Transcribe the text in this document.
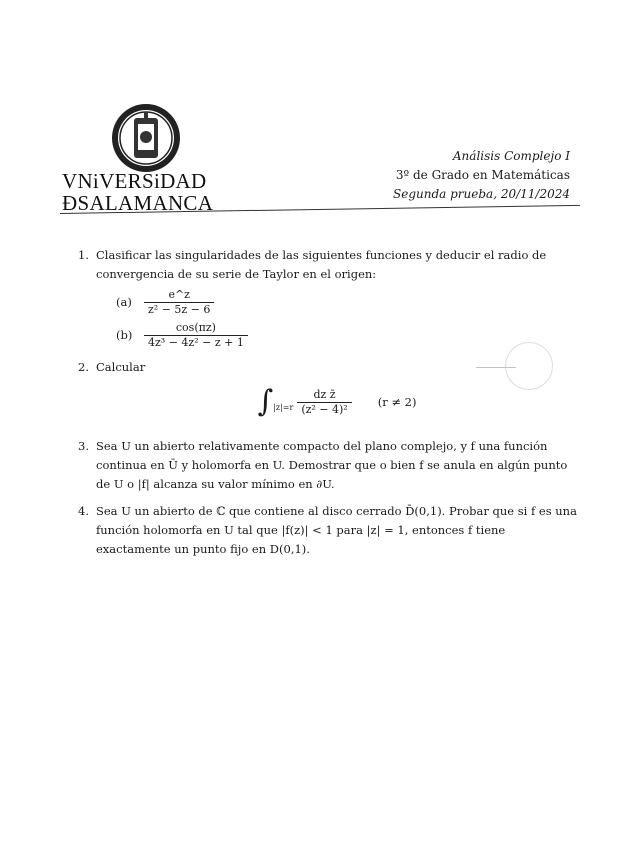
VNiVERSiDAD
ÐSALAMANCA
Análisis Complejo I
3º de Grado en Matemáticas
Segunda prueba, 20/11/2024
1. Clasificar las singularidades de las siguientes funciones y deducir el radio de convergencia de su serie de Taylor en el origen:
(a)	$\frac{e\^{}z}{\text{z² − 5z − 6}}$
(b)	$\frac{\cos(\pi z)}{\text{4z³ − 4z² − z + 1}}$
2. Calcular
∫ $|z|=r \frac{\text{dz z̄}}{\text{(z² − 4)²}} (r \ne 2)$
3. Sea U un abierto relativamente compacto del plano complejo, y f una función continua en Ū y holomorfa en U. Demostrar que o bien f se anula en algún punto de U o |f| alcanza su valor mínimo en ∂U.
4. Sea U un abierto de ℂ que contiene al disco cerrado D̄(0,1). Probar que si f es una función holomorfa en U tal que |f(z)| < 1 para |z| = 1, entonces f tiene exactamente un punto fijo en D(0,1).
